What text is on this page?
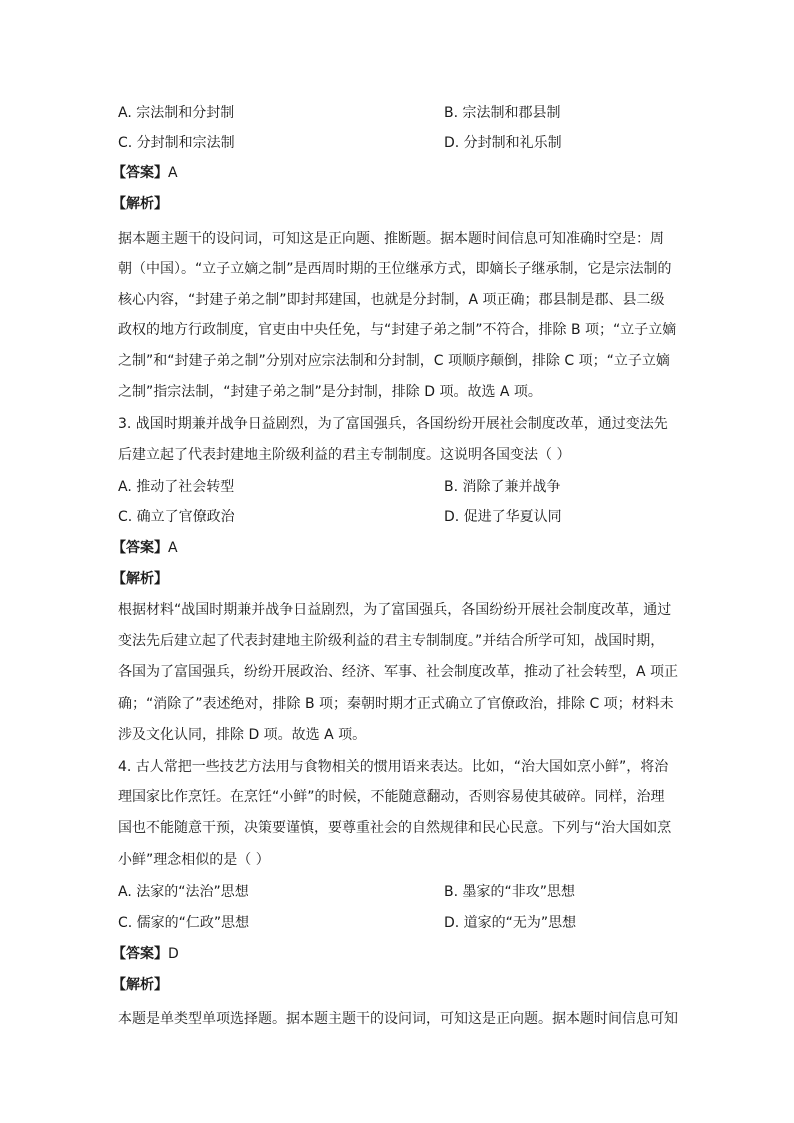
A. 宗法制和分封制	B. 宗法制和郡县制
C. 分封制和宗法制	D. 分封制和礼乐制
【答案】A
【解析】
据本题主题干的设问词，可知这是正向题、推断题。据本题时间信息可知准确时空是：周
朝（中国）。“立子立嫡之制”是西周时期的王位继承方式，即嫡长子继承制，它是宗法制的
核心内容，“封建子弟之制”即封邦建国，也就是分封制，A 项正确；郡县制是郡、县二级
政权的地方行政制度，官吏由中央任免，与“封建子弟之制”不符合，排除 B 项；“立子立嫡
之制”和“封建子弟之制”分别对应宗法制和分封制，C 项顺序颠倒，排除 C 项；“立子立嫡
之制”指宗法制，“封建子弟之制”是分封制，排除 D 项。故选 A 项。
3. 战国时期兼并战争日益剧烈，为了富国强兵，各国纷纷开展社会制度改革，通过变法先
后建立起了代表封建地主阶级利益的君主专制制度。这说明各国变法（ ）
A. 推动了社会转型	B. 消除了兼并战争
C. 确立了官僚政治	D. 促进了华夏认同
【答案】A
【解析】
根据材料“战国时期兼并战争日益剧烈，为了富国强兵，各国纷纷开展社会制度改革，通过
变法先后建立起了代表封建地主阶级利益的君主专制制度。”并结合所学可知，战国时期，
各国为了富国强兵，纷纷开展政治、经济、军事、社会制度改革，推动了社会转型，A 项正
确；“消除了”表述绝对，排除 B 项；秦朝时期才正式确立了官僚政治，排除 C 项；材料未
涉及文化认同，排除 D 项。故选 A 项。
4. 古人常把一些技艺方法用与食物相关的惯用语来表达。比如，“治大国如烹小鲜”，将治
理国家比作烹饪。在烹饪“小鲜”的时候，不能随意翻动，否则容易使其破碎。同样，治理
国也不能随意干预，决策要谨慎，要尊重社会的自然规律和民心民意。下列与“治大国如烹
小鲜”理念相似的是（ ）
A. 法家的“法治”思想	B. 墨家的“非攻”思想
C. 儒家的“仁政”思想	D. 道家的“无为”思想
【答案】D
【解析】
本题是单类型单项选择题。据本题主题干的设问词，可知这是正向题。据本题时间信息可知
